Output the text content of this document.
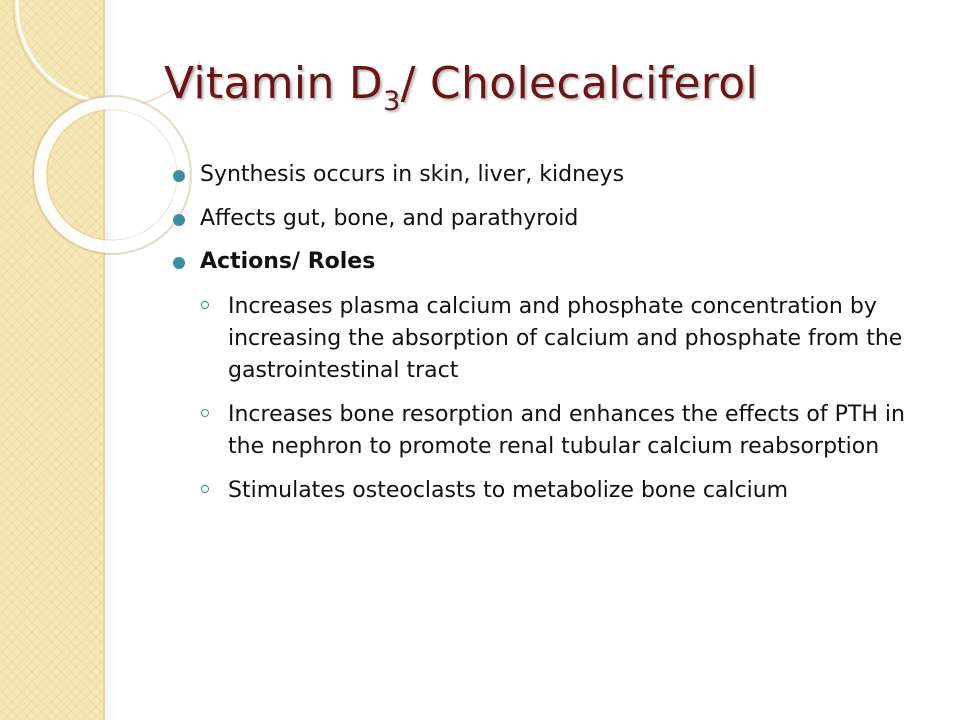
Vitamin $D_3/$ Cholecalciferol
Synthesis occurs in skin, liver, kidneys
Affects gut, bone, and parathyroid
Actions/ Roles
Increases plasma calcium and phosphate concentration by increasing the absorption of calcium and phosphate from the gastrointestinal tract
Increases bone resorption and enhances the effects of PTH in the nephron to promote renal tubular calcium reabsorption
Stimulates osteoclasts to metabolize bone calcium
